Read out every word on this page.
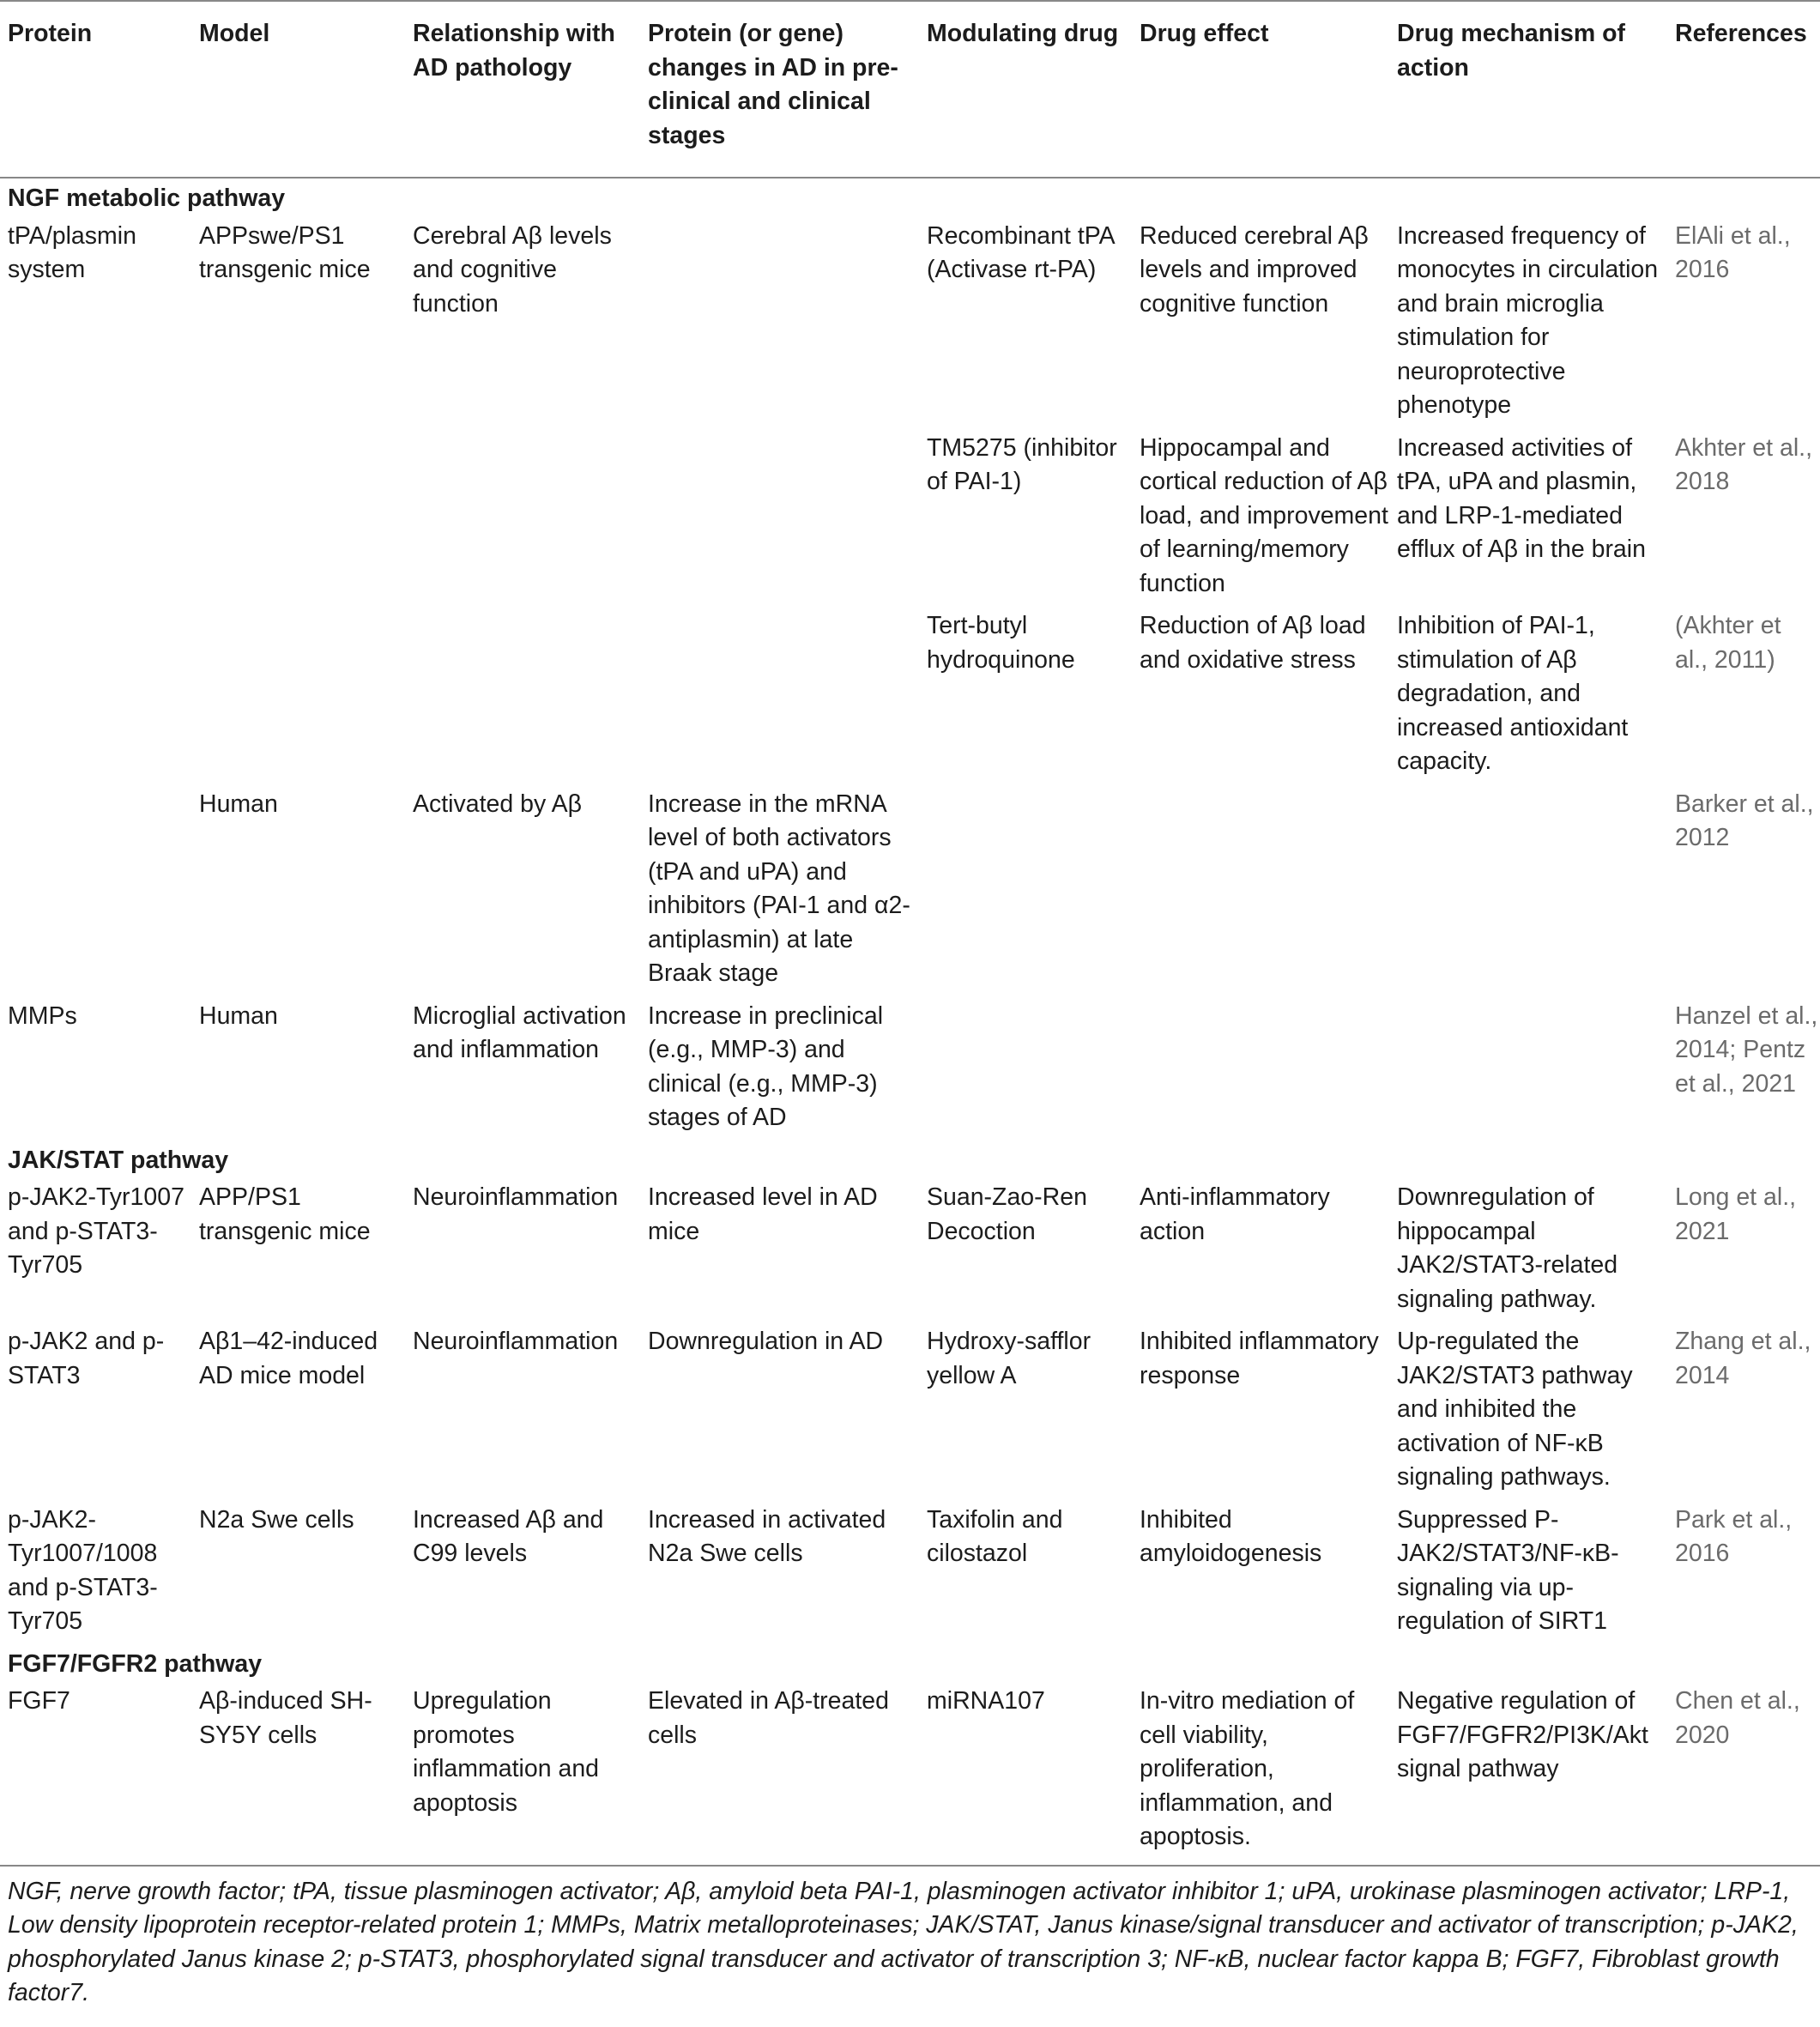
Protein	Model	Relationship with AD pathology	Protein (or gene) changes in AD in pre-clinical and clinical stages	Modulating drug	Drug effect	Drug mechanism of action	References
NGF metabolic pathway							
tPA/plasmin system	APPswe/PS1 transgenic mice	Cerebral Aβ levels and cognitive function		Recombinant tPA (Activase rt-PA)	Reduced cerebral Aβ levels and improved cognitive function	Increased frequency of monocytes in circulation and brain microglia stimulation for neuroprotective phenotype	ElAli et al., 2016
				TM5275 (inhibitor of PAI-1)	Hippocampal and cortical reduction of Aβ load, and improvement of learning/memory function	Increased activities of tPA, uPA and plasmin, and LRP-1-mediated efflux of Aβ in the brain	Akhter et al., 2018
				Tert-butyl hydroquinone	Reduction of Aβ load and oxidative stress	Inhibition of PAI-1, stimulation of Aβ degradation, and increased antioxidant capacity.	(Akhter et al., 2011)
	Human	Activated by Aβ	Increase in the mRNA level of both activators (tPA and uPA) and inhibitors (PAI-1 and α2-antiplasmin) at late Braak stage				Barker et al., 2012
MMPs	Human	Microglial activation and inflammation	Increase in preclinical (e.g., MMP-3) and clinical (e.g., MMP-3) stages of AD				Hanzel et al., 2014; Pentz et al., 2021
JAK/STAT pathway							
p-JAK2-Tyr1007 and p-STAT3-Tyr705	APP/PS1 transgenic mice	Neuroinflammation	Increased level in AD mice	Suan-Zao-Ren Decoction	Anti-inflammatory action	Downregulation of hippocampal JAK2/STAT3-related signaling pathway.	Long et al., 2021
p-JAK2 and p-STAT3	Aβ1–42-induced AD mice model	Neuroinflammation	Downregulation in AD	Hydroxy-safflor yellow A	Inhibited inflammatory response	Up-regulated the JAK2/STAT3 pathway and inhibited the activation of NF-κB signaling pathways.	Zhang et al., 2014
p-JAK2-Tyr1007/1008 and p-STAT3-Tyr705	N2a Swe cells	Increased Aβ and C99 levels	Increased in activated N2a Swe cells	Taxifolin and cilostazol	Inhibited amyloidogenesis	Suppressed P-JAK2/STAT3/NF-κB-signaling via up-regulation of SIRT1	Park et al., 2016
FGF7/FGFR2 pathway							
FGF7	Aβ-induced SH-SY5Y cells	Upregulation promotes inflammation and apoptosis	Elevated in Aβ-treated cells	miRNA107	In-vitro mediation of cell viability, proliferation, inflammation, and apoptosis.	Negative regulation of FGF7/FGFR2/PI3K/Akt signal pathway	Chen et al., 2020
NGF, nerve growth factor; tPA, tissue plasminogen activator; Aβ, amyloid beta PAI-1, plasminogen activator inhibitor 1; uPA, urokinase plasminogen activator; LRP-1, Low density lipoprotein receptor-related protein 1; MMPs, Matrix metalloproteinases; JAK/STAT, Janus kinase/signal transducer and activator of transcription; p-JAK2, phosphorylated Janus kinase 2; p-STAT3, phosphorylated signal transducer and activator of transcription 3; NF-κB, nuclear factor kappa B; FGF7, Fibroblast growth factor7.
